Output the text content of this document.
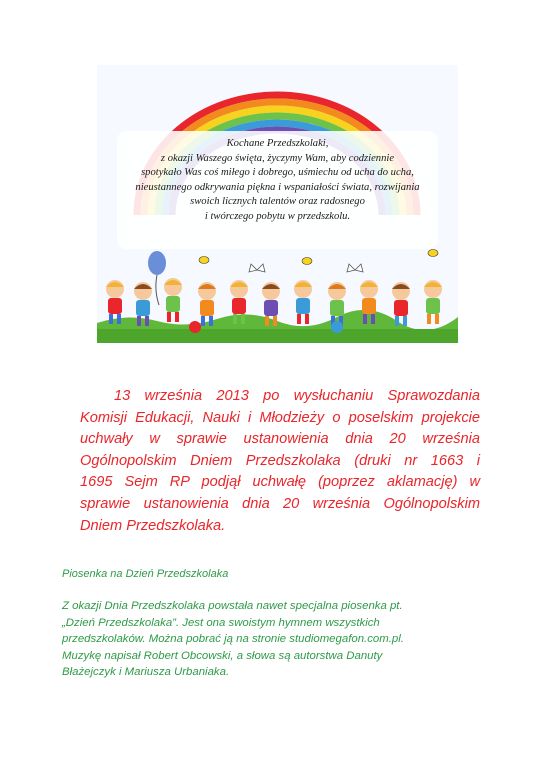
Kochane Przedszkolaki,
z okazji Waszego święta, życzymy Wam, aby codziennie
spotykało Was coś miłego i dobrego, uśmiechu od ucha do ucha,
nieustannego odkrywania piękna i wspaniałości świata, rozwijania
swoich licznych talentów oraz radosnego
i twórczego pobytu w przedszkolu.
13 września 2013 po wysłuchaniu Sprawozdania
Komisji Edukacji, Nauki i Młodzieży o poselskim projekcie
uchwały w sprawie ustanowienia dnia 20 września
Ogólnopolskim Dniem Przedszkolaka (druki nr 1663 i
1695 Sejm RP podjął uchwałę (poprzez aklamację) w
sprawie ustanowienia dnia 20 września Ogólnopolskim
Dniem Przedszkolaka.
Piosenka na Dzień Przedszkolaka
Z okazji Dnia Przedszkolaka powstała nawet specjalna piosenka pt.
„Dzień Przedszkolaka”. Jest ona swoistym hymnem wszystkich
przedszkolaków. Można pobrać ją na stronie studiomegafon.com.pl.
Muzykę napisał Robert Obcowski, a słowa są autorstwa Danuty
Błażejczyk i Mariusza Urbaniaka.
